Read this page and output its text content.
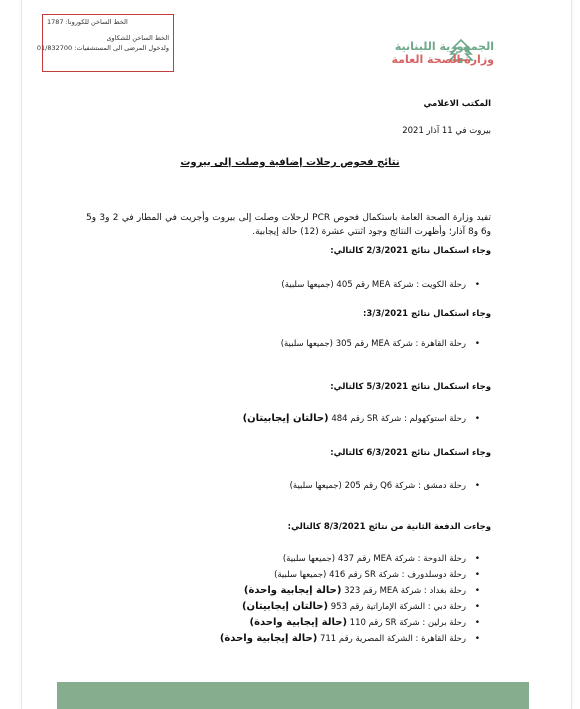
الخط الساخن للكورونا: 1787
الخط الساخن للشكاوى
ولدخول المرضى الى المستشفيات: 01/832700	الجمهورية اللبنانية
وزارة الصحة العامة
المكتب الاعلامي
بيروت في 11 آذار 2021
نتائج فحوص رحلات إضافية وصلت إلى بيروت
تفيد وزارة الصحة العامة باستكمال فحوص PCR لرحلات وصلت إلى بيروت وأجريت في المطار في 2 و3 و5 و6 و8 آذار؛ وأظهرت النتائج وجود اثنتي عشرة (12) حالة إيجابية.
وجاء استكمال نتائج 2/3/2021 كالتالي:
•
رحلة الكويت : شركة MEA رقم 405 (جميعها سلبية)
وجاء استكمال نتائج 3/3/2021:
•
رحلة القاهرة : شركة MEA رقم 305 (جميعها سلبية)
وجاء استكمال نتائج 5/3/2021 كالتالي:
•
رحلة استوكهولم : شركة SR رقم 484 (حالتان إيجابيتان)
وجاء استكمال نتائج 6/3/2021 كالتالي:
•
رحلة دمشق : شركة Q6 رقم 205 (جميعها سلبية)
وجاءت الدفعة الثانية من نتائج 8/3/2021 كالتالي:
•
رحلة الدوحة : شركة MEA رقم 437 (جميعها سلبية)
•
رحلة دوسلدورف : شركة SR رقم 416 (جميعها سلبية)
•
رحلة بغداد : شركة MEA رقم 323 (حالة إيجابية واحدة)
•
رحلة دبي : الشركة الإماراتية رقم 953 (حالتان إيجابيتان)
•
رحلة برلين : شركة SR رقم 110 (حالة إيجابية واحدة)
•
رحلة القاهرة : الشركة المصرية رقم 711 (حالة إيجابية واحدة)
